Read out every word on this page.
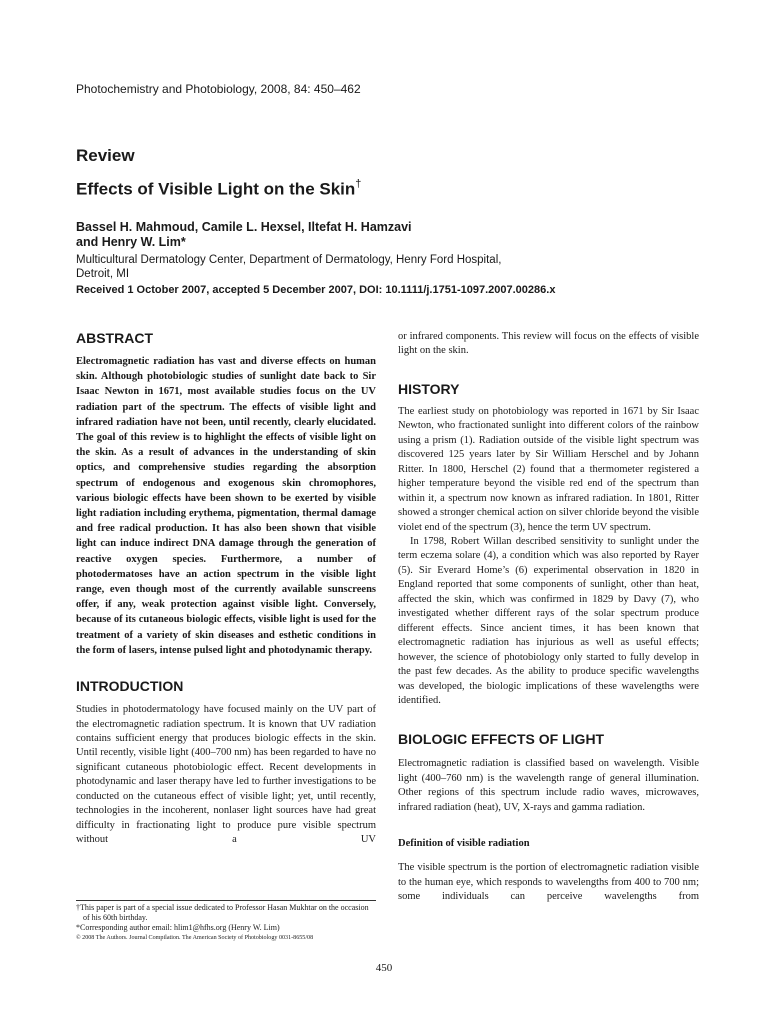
Photochemistry and Photobiology, 2008, 84: 450–462
Review
Effects of Visible Light on the Skin†
Bassel H. Mahmoud, Camile L. Hexsel, Iltefat H. Hamzavi
and Henry W. Lim*
Multicultural Dermatology Center, Department of Dermatology, Henry Ford Hospital,
Detroit, MI
Received 1 October 2007, accepted 5 December 2007, DOI: 10.1111/j.1751-1097.2007.00286.x
ABSTRACT

Electromagnetic radiation has vast and diverse effects on human skin. Although photobiologic studies of sunlight date back to Sir Isaac Newton in 1671, most available studies focus on the UV radiation part of the spectrum. The effects of visible light and infrared radiation have not been, until recently, clearly elucidated. The goal of this review is to highlight the effects of visible light on the skin. As a result of advances in the understanding of skin optics, and comprehensive studies regarding the absorption spectrum of endogenous and exogenous skin chromophores, various biologic effects have been shown to be exerted by visible light radiation including erythema, pigmentation, thermal damage and free radical production. It has also been shown that visible light can induce indirect DNA damage through the generation of reactive oxygen species. Furthermore, a number of photodermatoses have an action spectrum in the visible light range, even though most of the currently available sunscreens offer, if any, weak protection against visible light. Conversely, because of its cutaneous biologic effects, visible light is used for the treatment of a variety of skin diseases and esthetic conditions in the form of lasers, intense pulsed light and photodynamic therapy.

INTRODUCTION

Studies in photodermatology have focused mainly on the UV part of the electromagnetic radiation spectrum. It is known that UV radiation contains sufficient energy that produces biologic effects in the skin. Until recently, visible light (400–700 nm) has been regarded to have no significant cutaneous photobiologic effect. Recent developments in photodynamic and laser therapy have led to further investigations to be conducted on the cutaneous effect of visible light; yet, until recently, technologies in the incoherent, nonlaser light sources have had great difficulty in fractionating light to produce pure visible spectrum without a UV

or infrared components. This review will focus on the effects of visible light on the skin.

HISTORY

The earliest study on photobiology was reported in 1671 by Sir Isaac Newton, who fractionated sunlight into different colors of the rainbow using a prism (1). Radiation outside of the visible light spectrum was discovered 125 years later by Sir William Herschel and by Johann Ritter. In 1800, Herschel (2) found that a thermometer registered a higher temperature beyond the visible red end of the spectrum than within it, a spectrum now known as infrared radiation. In 1801, Ritter showed a stronger chemical action on silver chloride beyond the visible violet end of the spectrum (3), hence the term UV spectrum.

In 1798, Robert Willan described sensitivity to sunlight under the term eczema solare (4), a condition which was also reported by Rayer (5). Sir Everard Home’s (6) experimental observation in 1820 in England reported that some components of sunlight, other than heat, affected the skin, which was confirmed in 1829 by Davy (7), who investigated whether different rays of the solar spectrum produce different effects. Since ancient times, it has been known that electromagnetic radiation has injurious as well as useful effects; however, the science of photobiology only started to fully develop in the past few decades. As the ability to produce specific wavelengths was developed, the biologic implications of these wavelengths were identified.

BIOLOGIC EFFECTS OF LIGHT

Electromagnetic radiation is classified based on wavelength. Visible light (400–760 nm) is the wavelength range of general illumination. Other regions of this spectrum include radio waves, microwaves, infrared radiation (heat), UV, X-rays and gamma radiation.

Definition of visible radiation

The visible spectrum is the portion of electromagnetic radiation visible to the human eye, which responds to wavelengths from 400 to 700 nm; some individuals can perceive wavelengths from

†This paper is part of a special issue dedicated to Professor Hasan Mukhtar on the occasion of his 60th birthday.
*Corresponding author email: hlim1@hfhs.org (Henry W. Lim)
© 2008 The Authors. Journal Compilation. The American Society of Photobiology 0031-8655/08
450
